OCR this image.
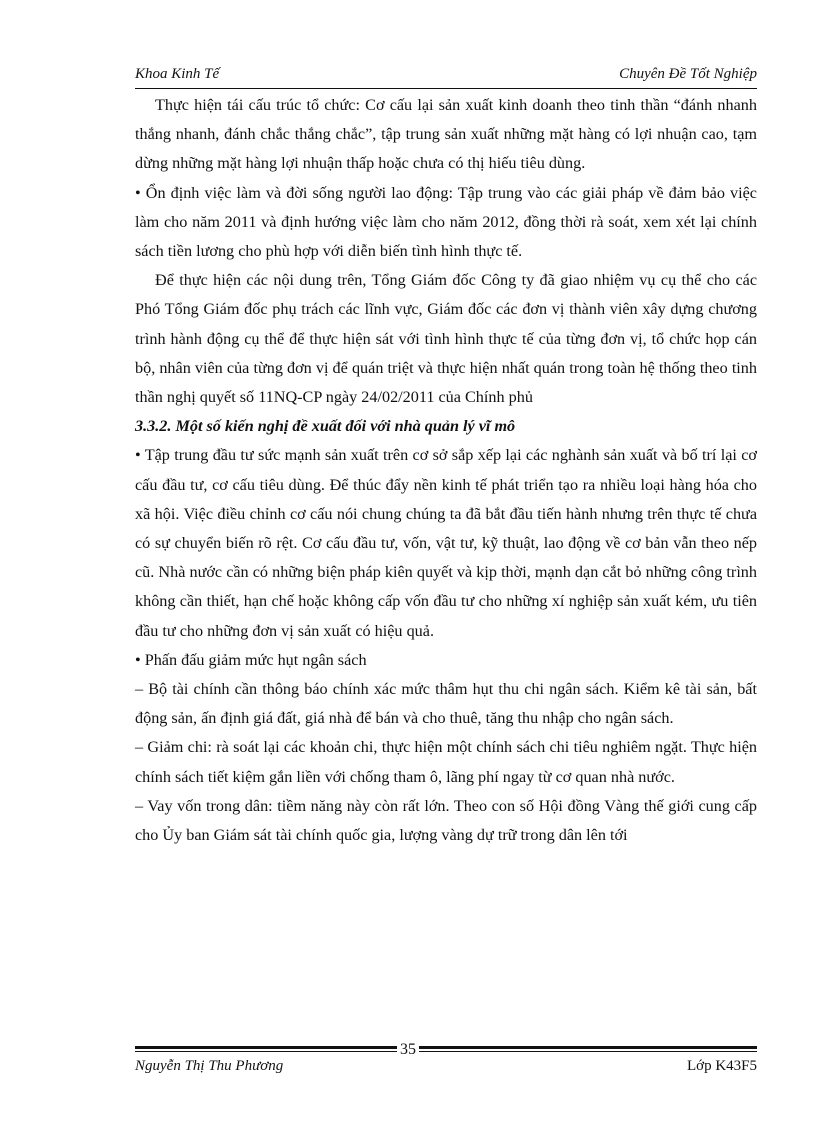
Khoa Kinh Tế	Chuyên Đề Tốt Nghiệp

Thực hiện tái cấu trúc tổ chức: Cơ cấu lại sản xuất kinh doanh theo tinh thần “đánh nhanh thắng nhanh, đánh chắc thắng chắc”, tập trung sản xuất những mặt hàng có lợi nhuận cao, tạm dừng những mặt hàng lợi nhuận thấp hoặc chưa có thị hiếu tiêu dùng.

• Ổn định việc làm và đời sống người lao động: Tập trung vào các giải pháp về đảm bảo việc làm cho năm 2011 và định hướng việc làm cho năm 2012, đồng thời rà soát, xem xét lại chính sách tiền lương cho phù hợp với diễn biến tình hình thực tế.

Để thực hiện các nội dung trên, Tổng Giám đốc Công ty đã giao nhiệm vụ cụ thể cho các Phó Tổng Giám đốc phụ trách các lĩnh vực, Giám đốc các đơn vị thành viên xây dựng chương trình hành động cụ thể để thực hiện sát với tình hình thực tế của từng đơn vị, tổ chức họp cán bộ, nhân viên của từng đơn vị để quán triệt và thực hiện nhất quán trong toàn hệ thống theo tinh thần nghị quyết số 11NQ-CP ngày 24/02/2011 của Chính phủ

3.3.2. Một số kiến nghị đề xuất đối với nhà quản lý vĩ mô

• Tập trung đầu tư sức mạnh sản xuất trên cơ sở sắp xếp lại các nghành sản xuất và bố trí lại cơ cấu đầu tư, cơ cấu tiêu dùng. Để thúc đẩy nền kinh tế phát triển tạo ra nhiều loại hàng hóa cho xã hội. Việc điều chỉnh cơ cấu nói chung chúng ta đã bắt đầu tiến hành nhưng trên thực tế chưa có sự chuyển biến rõ rệt. Cơ cấu đầu tư, vốn, vật tư, kỹ thuật, lao động về cơ bản vẫn theo nếp cũ. Nhà nước cần có những biện pháp kiên quyết và kịp thời, mạnh dạn cắt bỏ những công trình không cần thiết, hạn chế hoặc không cấp vốn đầu tư cho những xí nghiệp sản xuất kém, ưu tiên đầu tư cho những đơn vị sản xuất có hiệu quả.

• Phấn đấu giảm mức hụt ngân sách

– Bộ tài chính cần thông báo chính xác mức thâm hụt thu chi ngân sách. Kiểm kê tài sản, bất động sản, ấn định giá đất, giá nhà để bán và cho thuê, tăng thu nhập cho ngân sách.

– Giảm chi: rà soát lại các khoản chi, thực hiện một chính sách chi tiêu nghiêm ngặt. Thực hiện chính sách tiết kiệm gắn liền với chống tham ô, lãng phí ngay từ cơ quan nhà nước.

– Vay vốn trong dân: tiềm năng này còn rất lớn. Theo con số Hội đồng Vàng thế giới cung cấp cho Ủy ban Giám sát tài chính quốc gia, lượng vàng dự trữ trong dân lên tới

35
Nguyễn Thị Thu Phương	Lớp K43F5
